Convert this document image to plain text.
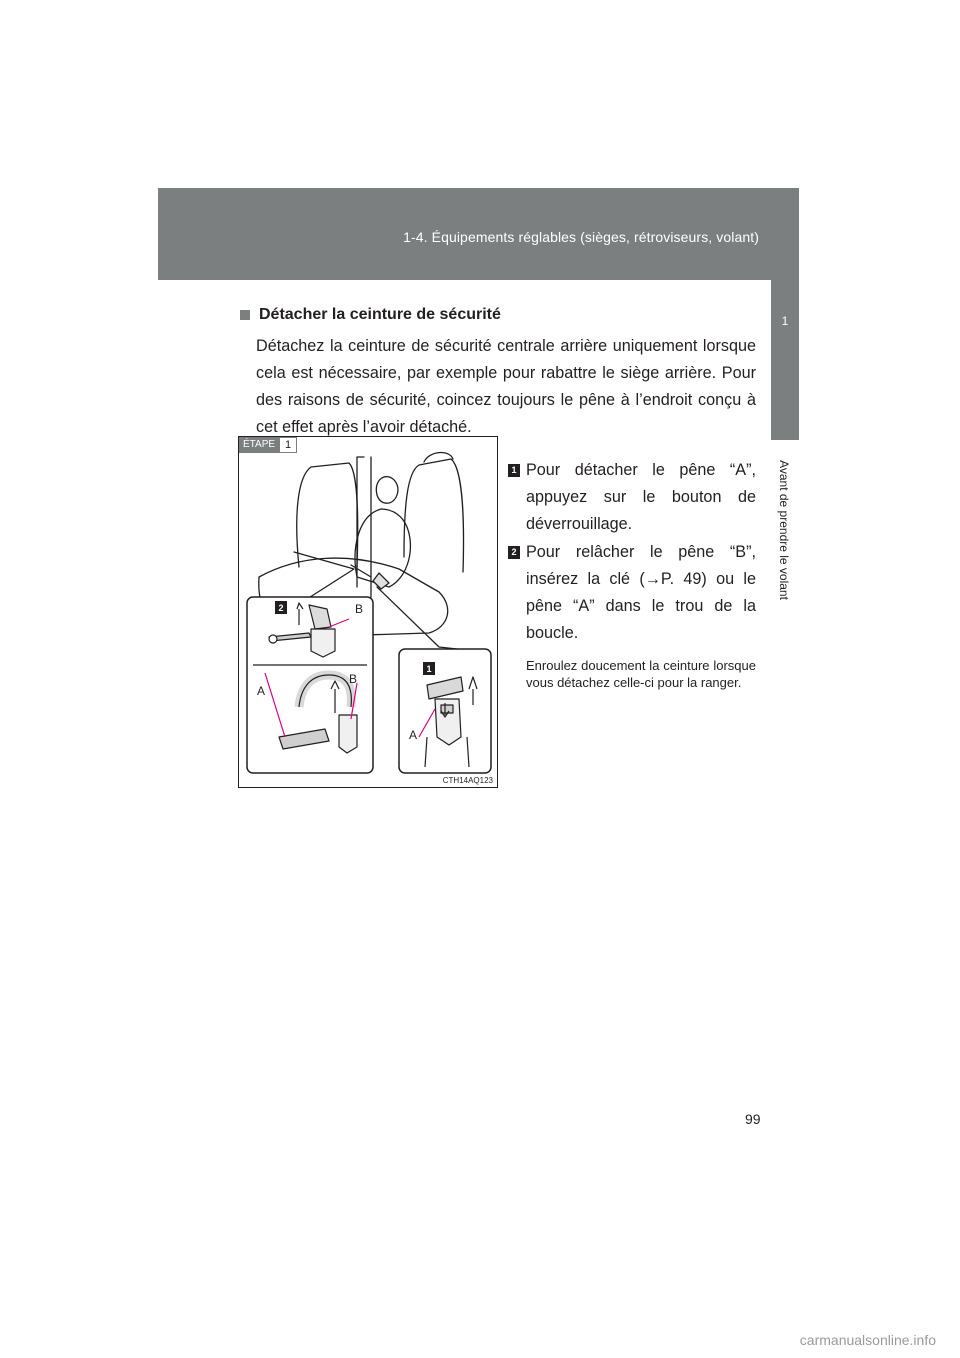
1-4. Équipements réglables (sièges, rétroviseurs, volant)
1
Avant de prendre le volant
Détacher la ceinture de sécurité
Détachez la ceinture de sécurité centrale arrière uniquement lorsque cela est nécessaire, par exemple pour rabattre le siège arrière. Pour des raisons de sécurité, coincez toujours le pêne à l’endroit conçu à cet effet après l’avoir détaché.
ÉTAPE 1
2	B
A
B
1
A
CTH14AQ123
1 Pour détacher le pêne “A”, appuyez sur le bouton de déverrouillage.
2 Pour relâcher le pêne “B”, insérez la clé (→P. 49) ou le pêne “A” dans le trou de la boucle.
Enroulez doucement la ceinture lorsque vous détachez celle-ci pour la ranger.
99
carmanualsonline.info
